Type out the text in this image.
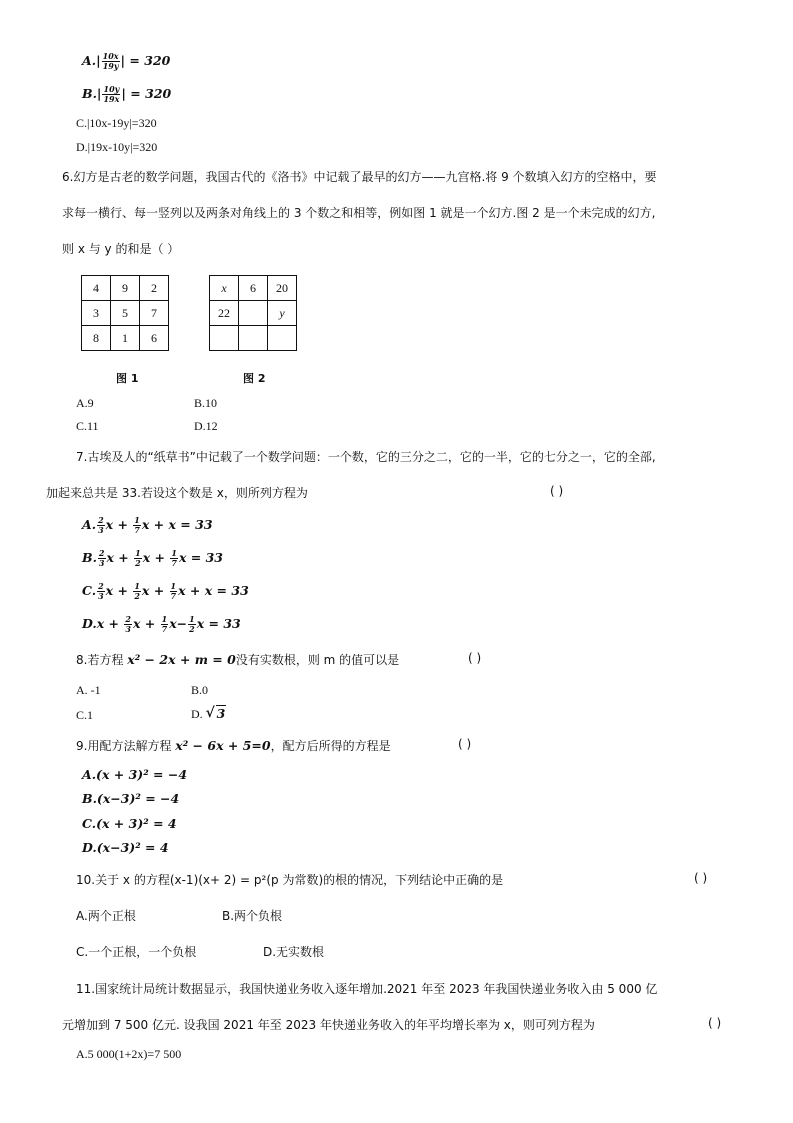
$A.| \frac{10x}{19y}$ | = 320
$B.| \frac{10y}{19x}$ | = 320
C.|10x-19y|=320
D.|19x-10y|=320
6.幻方是古老的数学问题，我国古代的《洛书》中记载了最早的幻方——九宫格.将 9 个数填入幻方的空格中，要
求每一横行、每一竖列以及两条对角线上的 3 个数之和相等，例如图 1 就是一个幻方.图 2 是一个未完成的幻方,
则 x 与 y 的和是（ ）
4	9	2
3	5	7
8	1	6
图 1
x	6	20
22		y

图 2
A.9	B.10
C.11	D.12
7.古埃及人的“纸草书”中记载了一个数学问题：一个数，它的三分之二，它的一半，它的七分之一，它的全部,
加起来总共是 33.若设这个数是 x，则所列方程为	( )
A. $\frac{2}{3}$ $x + \frac{1}{7}$ x + x = 33
B. $\frac{2}{3}$ $x + \frac{1}{2}$ $x + \frac{1}{7}$ x = 33
C. $\frac{2}{3}$ $x + \frac{1}{2}$ $x + \frac{1}{7}$ x + x = 33
$D.x + \frac{2}{3}$ $x + \frac{1}{7} x- \frac{1}{2}$ x = 33
8.若方程 x² − 2x + m = 0没有实数根，则 m 的值可以是	( )
A. -1	B.0
C.1	D. √ 3
9.用配方法解方程 x² − 6x + 5=0，配方后所得的方程是	( )
A.(x + 3)² = −4
B.(x−3)² = −4
C.(x + 3)² = 4
D.(x−3)² = 4
10.关于 x 的方程(x-1)(x+ 2) = p²(p 为常数)的根的情况，下列结论中正确的是	( )
A.两个正根	B.两个负根
C.一个正根，一个负根	D.无实数根
11.国家统计局统计数据显示，我国快递业务收入逐年增加.2021 年至 2023 年我国快递业务收入由 5 000 亿
元增加到 7 500 亿元. 设我国 2021 年至 2023 年快递业务收入的年平均增长率为 x，则可列方程为	( )
A.5 000(1+2x)=7 500
